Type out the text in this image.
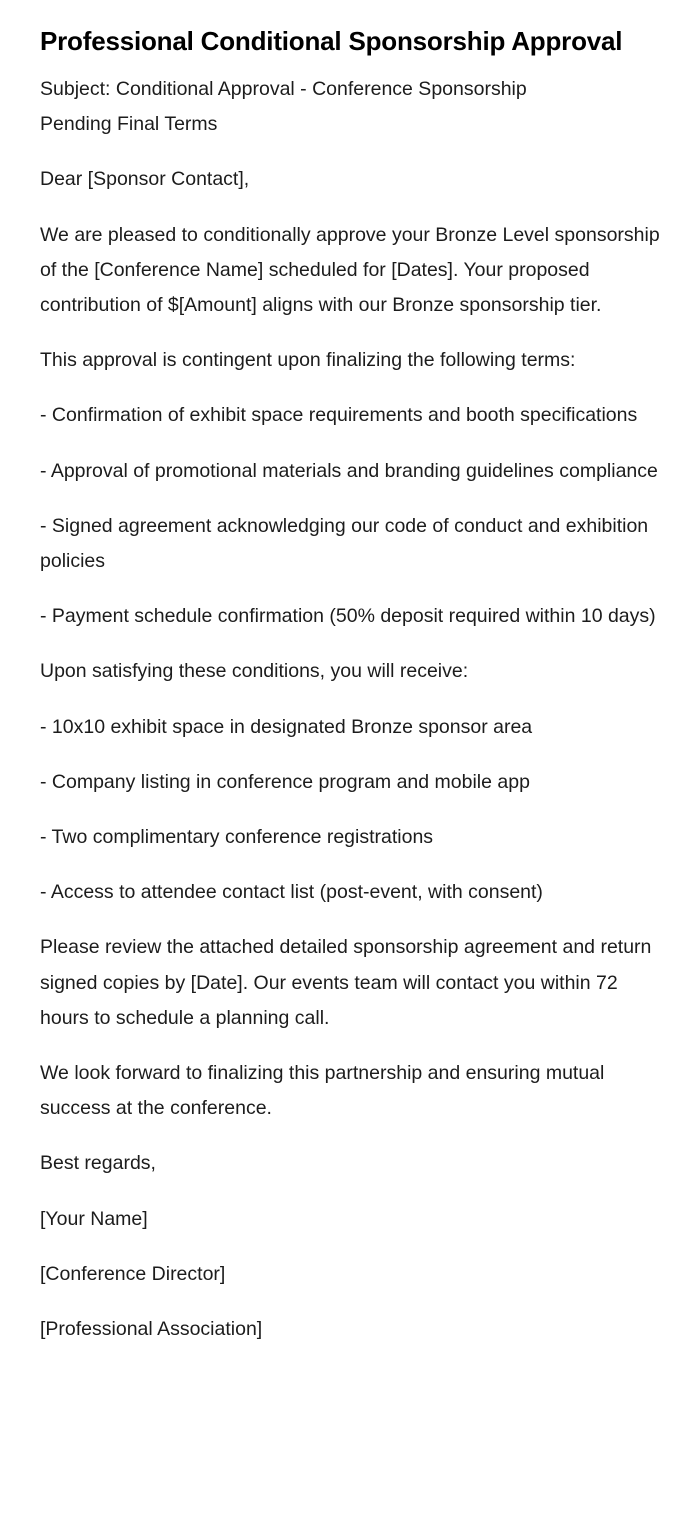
Professional Conditional Sponsorship Approval

Subject: Conditional Approval - Conference Sponsorship
Pending Final Terms

Dear [Sponsor Contact],

We are pleased to conditionally approve your Bronze Level sponsorship of the [Conference Name] scheduled for [Dates]. Your proposed contribution of $[Amount] aligns with our Bronze sponsorship tier.

This approval is contingent upon finalizing the following terms:

- Confirmation of exhibit space requirements and booth specifications

- Approval of promotional materials and branding guidelines compliance

- Signed agreement acknowledging our code of conduct and exhibition policies

- Payment schedule confirmation (50% deposit required within 10 days)

Upon satisfying these conditions, you will receive:

- 10x10 exhibit space in designated Bronze sponsor area

- Company listing in conference program and mobile app

- Two complimentary conference registrations

- Access to attendee contact list (post-event, with consent)

Please review the attached detailed sponsorship agreement and return signed copies by [Date]. Our events team will contact you within 72 hours to schedule a planning call.

We look forward to finalizing this partnership and ensuring mutual success at the conference.

Best regards,

[Your Name]

[Conference Director]

[Professional Association]
